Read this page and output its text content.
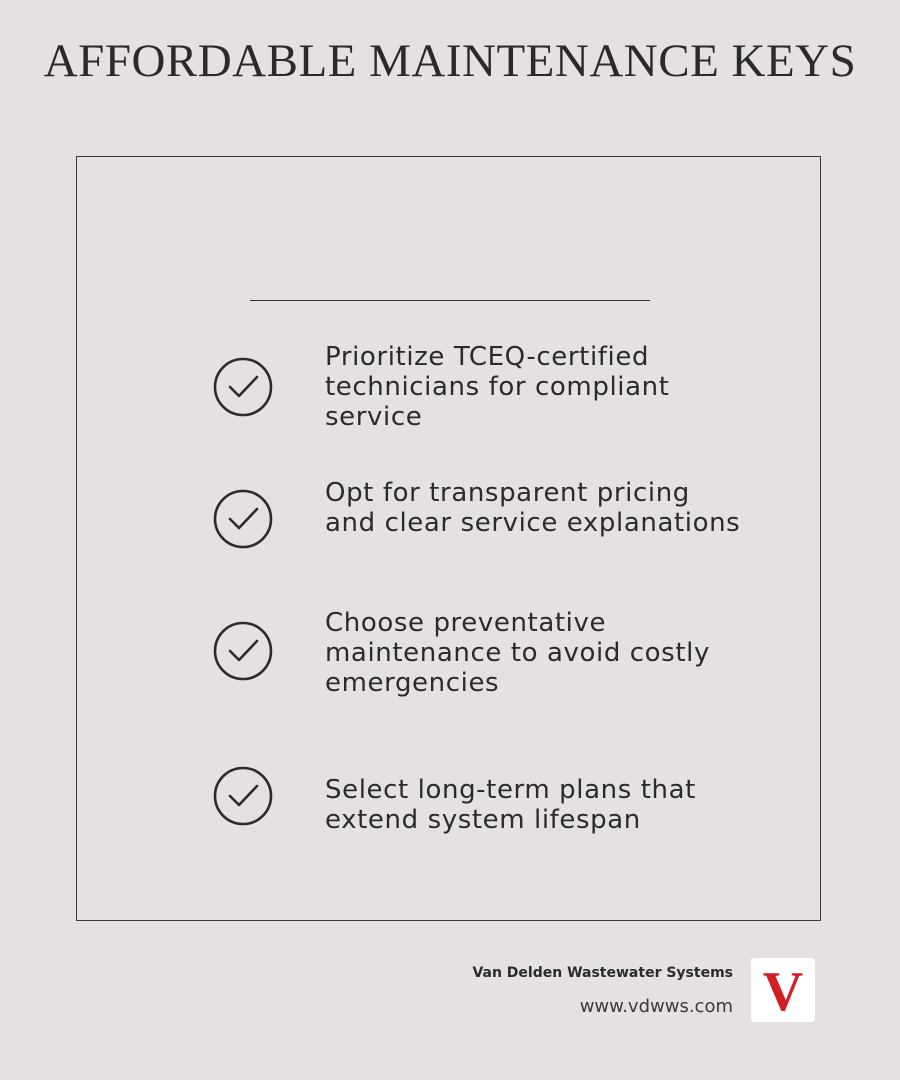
AFFORDABLE MAINTENANCE KEYS
Prioritize TCEQ-certified technicians for compliant service
Opt for transparent pricing and clear service explanations
Choose preventative maintenance to avoid costly emergencies
Select long-term plans that extend system lifespan
Van Delden Wastewater Systems
www.vdwws.com V
